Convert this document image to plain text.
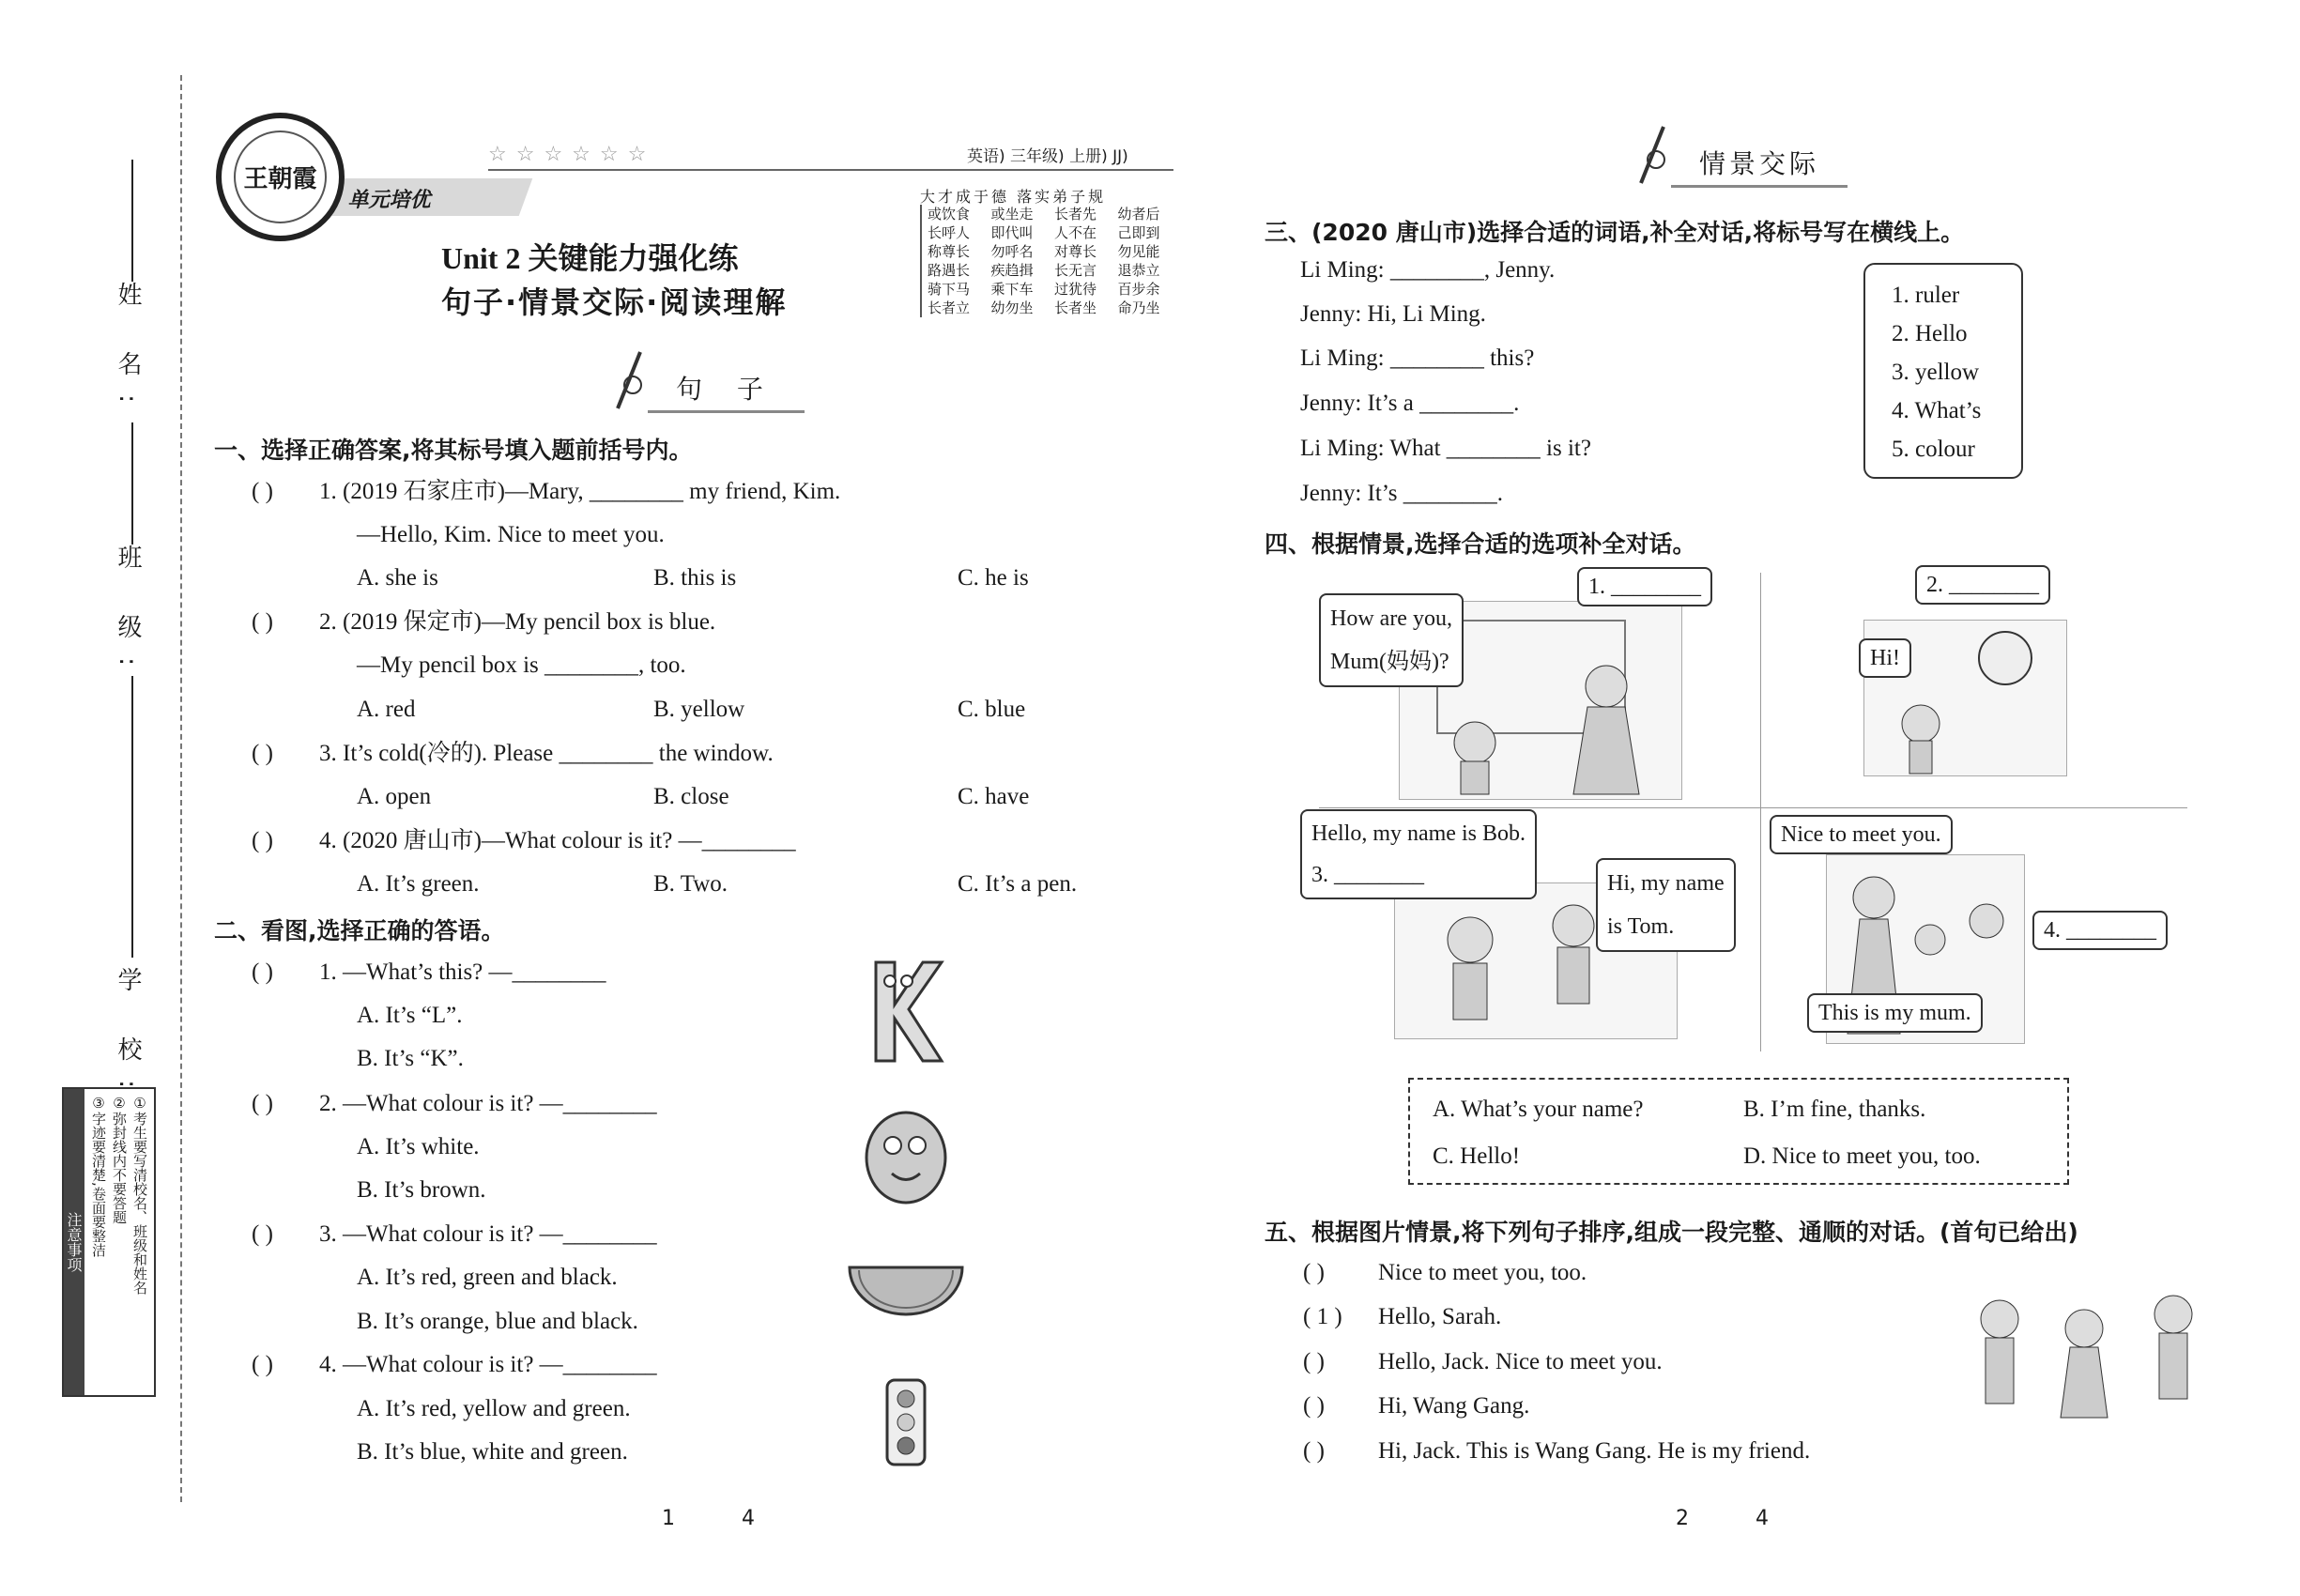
姓 名:
班 级:
学 校:
注意事项	①考生要写清校名、班级和姓名
②弥封线内不要答题
③字迹要清楚,卷面要整洁
单元培优
王朝霞
☆☆☆☆☆☆	英语) 三年级) 上册) JJ)
Unit 2 关键能力强化练
句子·情景交际·阅读理解
大才成于德 落实弟子规
或饮食	或坐走	长者先	幼者后
长呼人	即代叫	人不在	己即到
称尊长	勿呼名	对尊长	勿见能
路遇长	疾趋揖	长无言	退恭立
骑下马	乘下车	过犹待	百步余
长者立	幼勿坐	长者坐	命乃坐
句 子
一、选择正确答案,将其标号填入题前括号内。
( ) 1. (2019 石家庄市)—Mary, ________ my friend, Kim.
—Hello, Kim. Nice to meet you.
A. she is	B. this is	C. he is
( ) 2. (2019 保定市)—My pencil box is blue.
—My pencil box is ________, too.
A. red	B. yellow	C. blue
( ) 3. It’s cold(冷的). Please ________ the window.
A. open	B. close	C. have
( ) 4. (2020 唐山市)—What colour is it? —________
A. It’s green.	B. Two.	C. It’s a pen.
二、看图,选择正确的答语。
( ) 1. —What’s this? —________
A. It’s “L”.
B. It’s “K”.
( ) 2. —What colour is it? —________
A. It’s white.
B. It’s brown.
( ) 3. —What colour is it? —________
A. It’s red, green and black.
B. It’s orange, blue and black.
( ) 4. —What colour is it? —________
A. It’s red, yellow and green.
B. It’s blue, white and green.
1	4
情景交际
三、(2020 唐山市)选择合适的词语,补全对话,将标号写在横线上。
Li Ming: ________, Jenny.
Jenny: Hi, Li Ming.
Li Ming: ________ this?
Jenny: It’s a ________.
Li Ming: What ________ is it?
Jenny: It’s ________.
1. ruler
2. Hello
3. yellow
4. What’s
5. colour
四、根据情景,选择合适的选项补全对话。
How are you,
Mum(妈妈)?
1. ________	2. ________
Hi!
Hello, my name is Bob.
3. ________	Hi, my name
is Tom.
Nice to meet you.
4. ________
This is my mum.
A. What’s your name?	B. I’m fine, thanks.
C. Hello!	D. Nice to meet you, too.
五、根据图片情景,将下列句子排序,组成一段完整、通顺的对话。(首句已给出)
( ) Nice to meet you, too.
( 1 ) Hello, Sarah.
( ) Hello, Jack. Nice to meet you.
( ) Hi, Wang Gang.
( ) Hi, Jack. This is Wang Gang. He is my friend.
2	4
